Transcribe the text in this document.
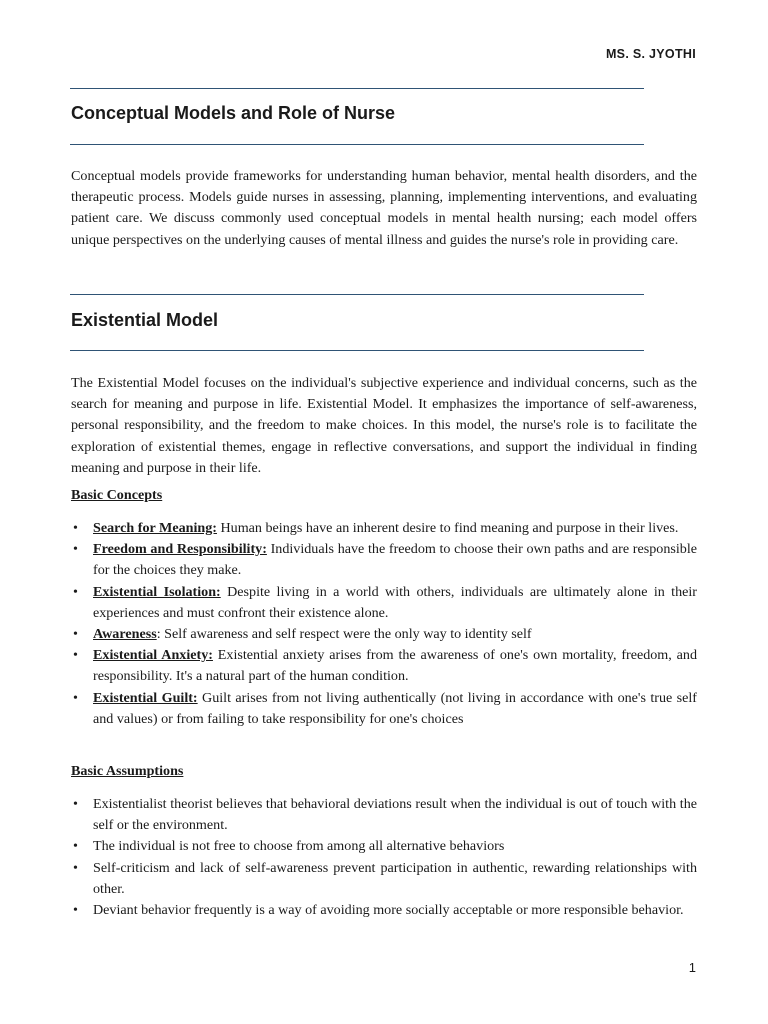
MS. S. JYOTHI
Conceptual Models and Role of Nurse

Conceptual models provide frameworks for understanding human behavior, mental health disorders, and the therapeutic process. Models guide nurses in assessing, planning, implementing interventions, and evaluating patient care. We discuss commonly used conceptual models in mental health nursing; each model offers unique perspectives on the underlying causes of mental illness and guides the nurse's role in providing care.

Existential Model

The Existential Model focuses on the individual's subjective experience and individual concerns, such as the search for meaning and purpose in life. Existential Model. It emphasizes the importance of self-awareness, personal responsibility, and the freedom to make choices. In this model, the nurse's role is to facilitate the exploration of existential themes, engage in reflective conversations, and support the individual in finding meaning and purpose in their life.

Basic Concepts
• Search for Meaning: Human beings have an inherent desire to find meaning and purpose in their lives.
• Freedom and Responsibility: Individuals have the freedom to choose their own paths and are responsible for the choices they make.
• Existential Isolation: Despite living in a world with others, individuals are ultimately alone in their experiences and must confront their existence alone.
• Awareness: Self awareness and self respect were the only way to identity self
• Existential Anxiety: Existential anxiety arises from the awareness of one's own mortality, freedom, and responsibility. It's a natural part of the human condition.
• Existential Guilt: Guilt arises from not living authentically (not living in accordance with one's true self and values) or from failing to take responsibility for one's choices
Basic Assumptions
• Existentialist theorist believes that behavioral deviations result when the individual is out of touch with the self or the environment.
• The individual is not free to choose from among all alternative behaviors
• Self-criticism and lack of self-awareness prevent participation in authentic, rewarding relationships with other.
• Deviant behavior frequently is a way of avoiding more socially acceptable or more responsible behavior.
1
